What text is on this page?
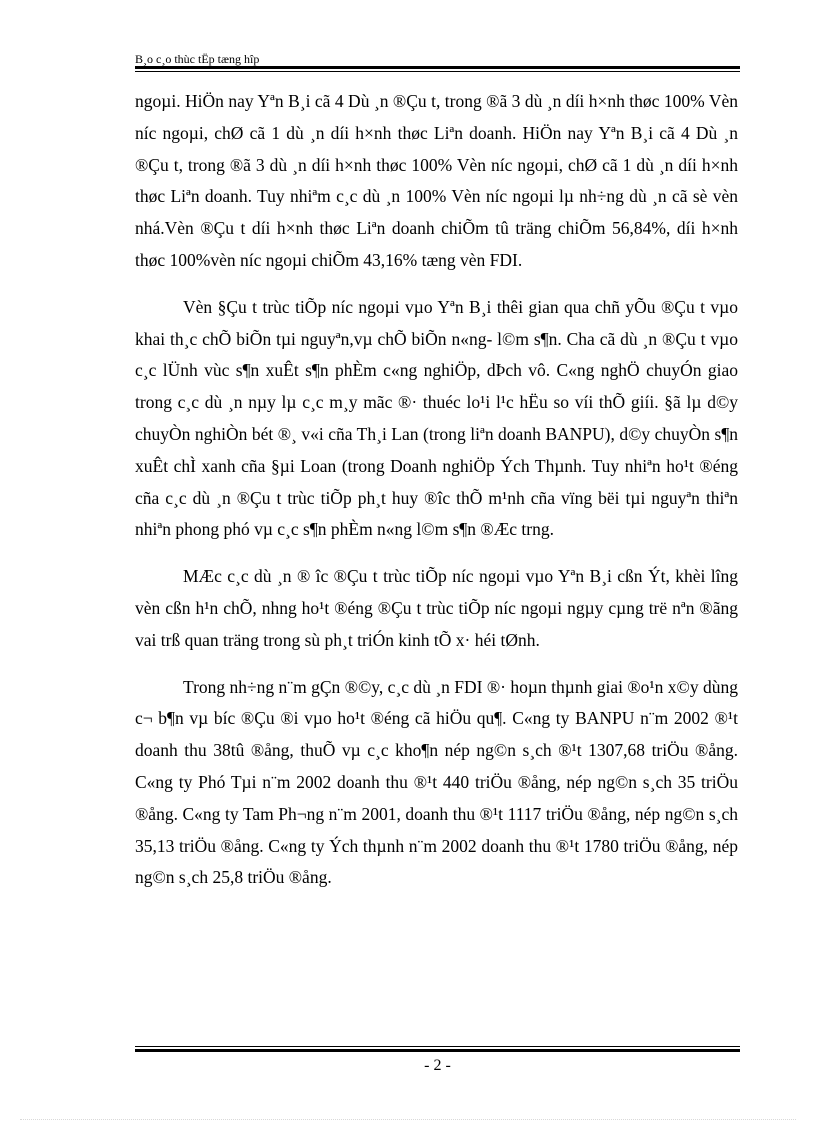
B¸o c¸o thùc tËp tæng hîp

ngoµi. HiÖn nay Yªn B¸i cã 4 Dù ¸n ®Çu t, trong ®ã 3 dù ¸n díi h×nh thøc 100% Vèn níc ngoµi, chØ cã 1 dù ¸n díi h×nh thøc Liªn doanh. HiÖn nay Yªn B¸i cã 4 Dù ¸n ®Çu t, trong ®ã 3 dù ¸n díi h×nh thøc 100% Vèn níc ngoµi, chØ cã 1 dù ¸n díi h×nh thøc Liªn doanh. Tuy nhiªm c¸c dù ¸n 100% Vèn níc ngoµi lµ nh÷ng dù ¸n cã sè vèn nhá.Vèn ®Çu t díi h×nh thøc Liªn doanh chiÕm tû träng chiÕm 56,84%, díi h×nh thøc 100%vèn níc ngoµi chiÕm 43,16% tæng vèn FDI.

Vèn §Çu t trùc tiÕp níc ngoµi vµo Yªn B¸i thêi gian qua chñ yÕu ®Çu t vµo khai th¸c chÕ biÕn tµi nguyªn,vµ chÕ biÕn n«ng- l©m s¶n. Cha cã dù ¸n ®Çu t vµo c¸c lÜnh vùc s¶n xuÊt s¶n phÈm c«ng nghiÖp, dÞch vô. C«ng nghÖ chuyÓn giao trong c¸c dù ¸n nµy lµ c¸c m¸y mãc ®· thuéc lo¹i l¹c hËu so víi thÕ giíi. §ã lµ d©y chuyÒn nghiÒn bét ®¸ v«i cña Th¸i Lan (trong liªn doanh BANPU), d©y chuyÒn s¶n xuÊt chÌ xanh cña §µi Loan (trong Doanh nghiÖp Ých Thµnh. Tuy nhiªn ho¹t ®éng cña c¸c dù ¸n ®Çu t trùc tiÕp ph¸t huy ®îc thÕ m¹nh cña vïng bëi tµi nguyªn thiªn nhiªn phong phó vµ c¸c s¶n phÈm n«ng l©m s¶n ®Æc trng.

MÆc c¸c dù ¸n ® îc ®Çu t trùc tiÕp níc ngoµi vµo Yªn B¸i cßn Ýt, khèi lîng vèn cßn h¹n chÕ, nhng ho¹t ®éng ®Çu t trùc tiÕp níc ngoµi ngµy cµng trë nªn ®ãng vai trß quan träng trong sù ph¸t triÓn kinh tÕ x· héi tØnh.

Trong nh÷ng n¨m gÇn ®©y, c¸c dù ¸n FDI ®· hoµn thµnh giai ®o¹n x©y dùng c¬ b¶n vµ bíc ®Çu ®i vµo ho¹t ®éng cã hiÖu qu¶. C«ng ty BANPU n¨m 2002 ®¹t doanh thu 38tû ®ång, thuÕ vµ c¸c kho¶n nép ng©n s¸ch ®¹t 1307,68 triÖu ®ång. C«ng ty Phó Tµi n¨m 2002 doanh thu ®¹t 440 triÖu ®ång, nép ng©n s¸ch 35 triÖu ®ång. C«ng ty Tam Ph¬ng n¨m 2001, doanh thu ®¹t 1117 triÖu ®ång, nép ng©n s¸ch 35,13 triÖu ®ång. C«ng ty Ých thµnh n¨m 2002 doanh thu ®¹t 1780 triÖu ®ång, nép ng©n s¸ch 25,8 triÖu ®ång.

- 2 -
